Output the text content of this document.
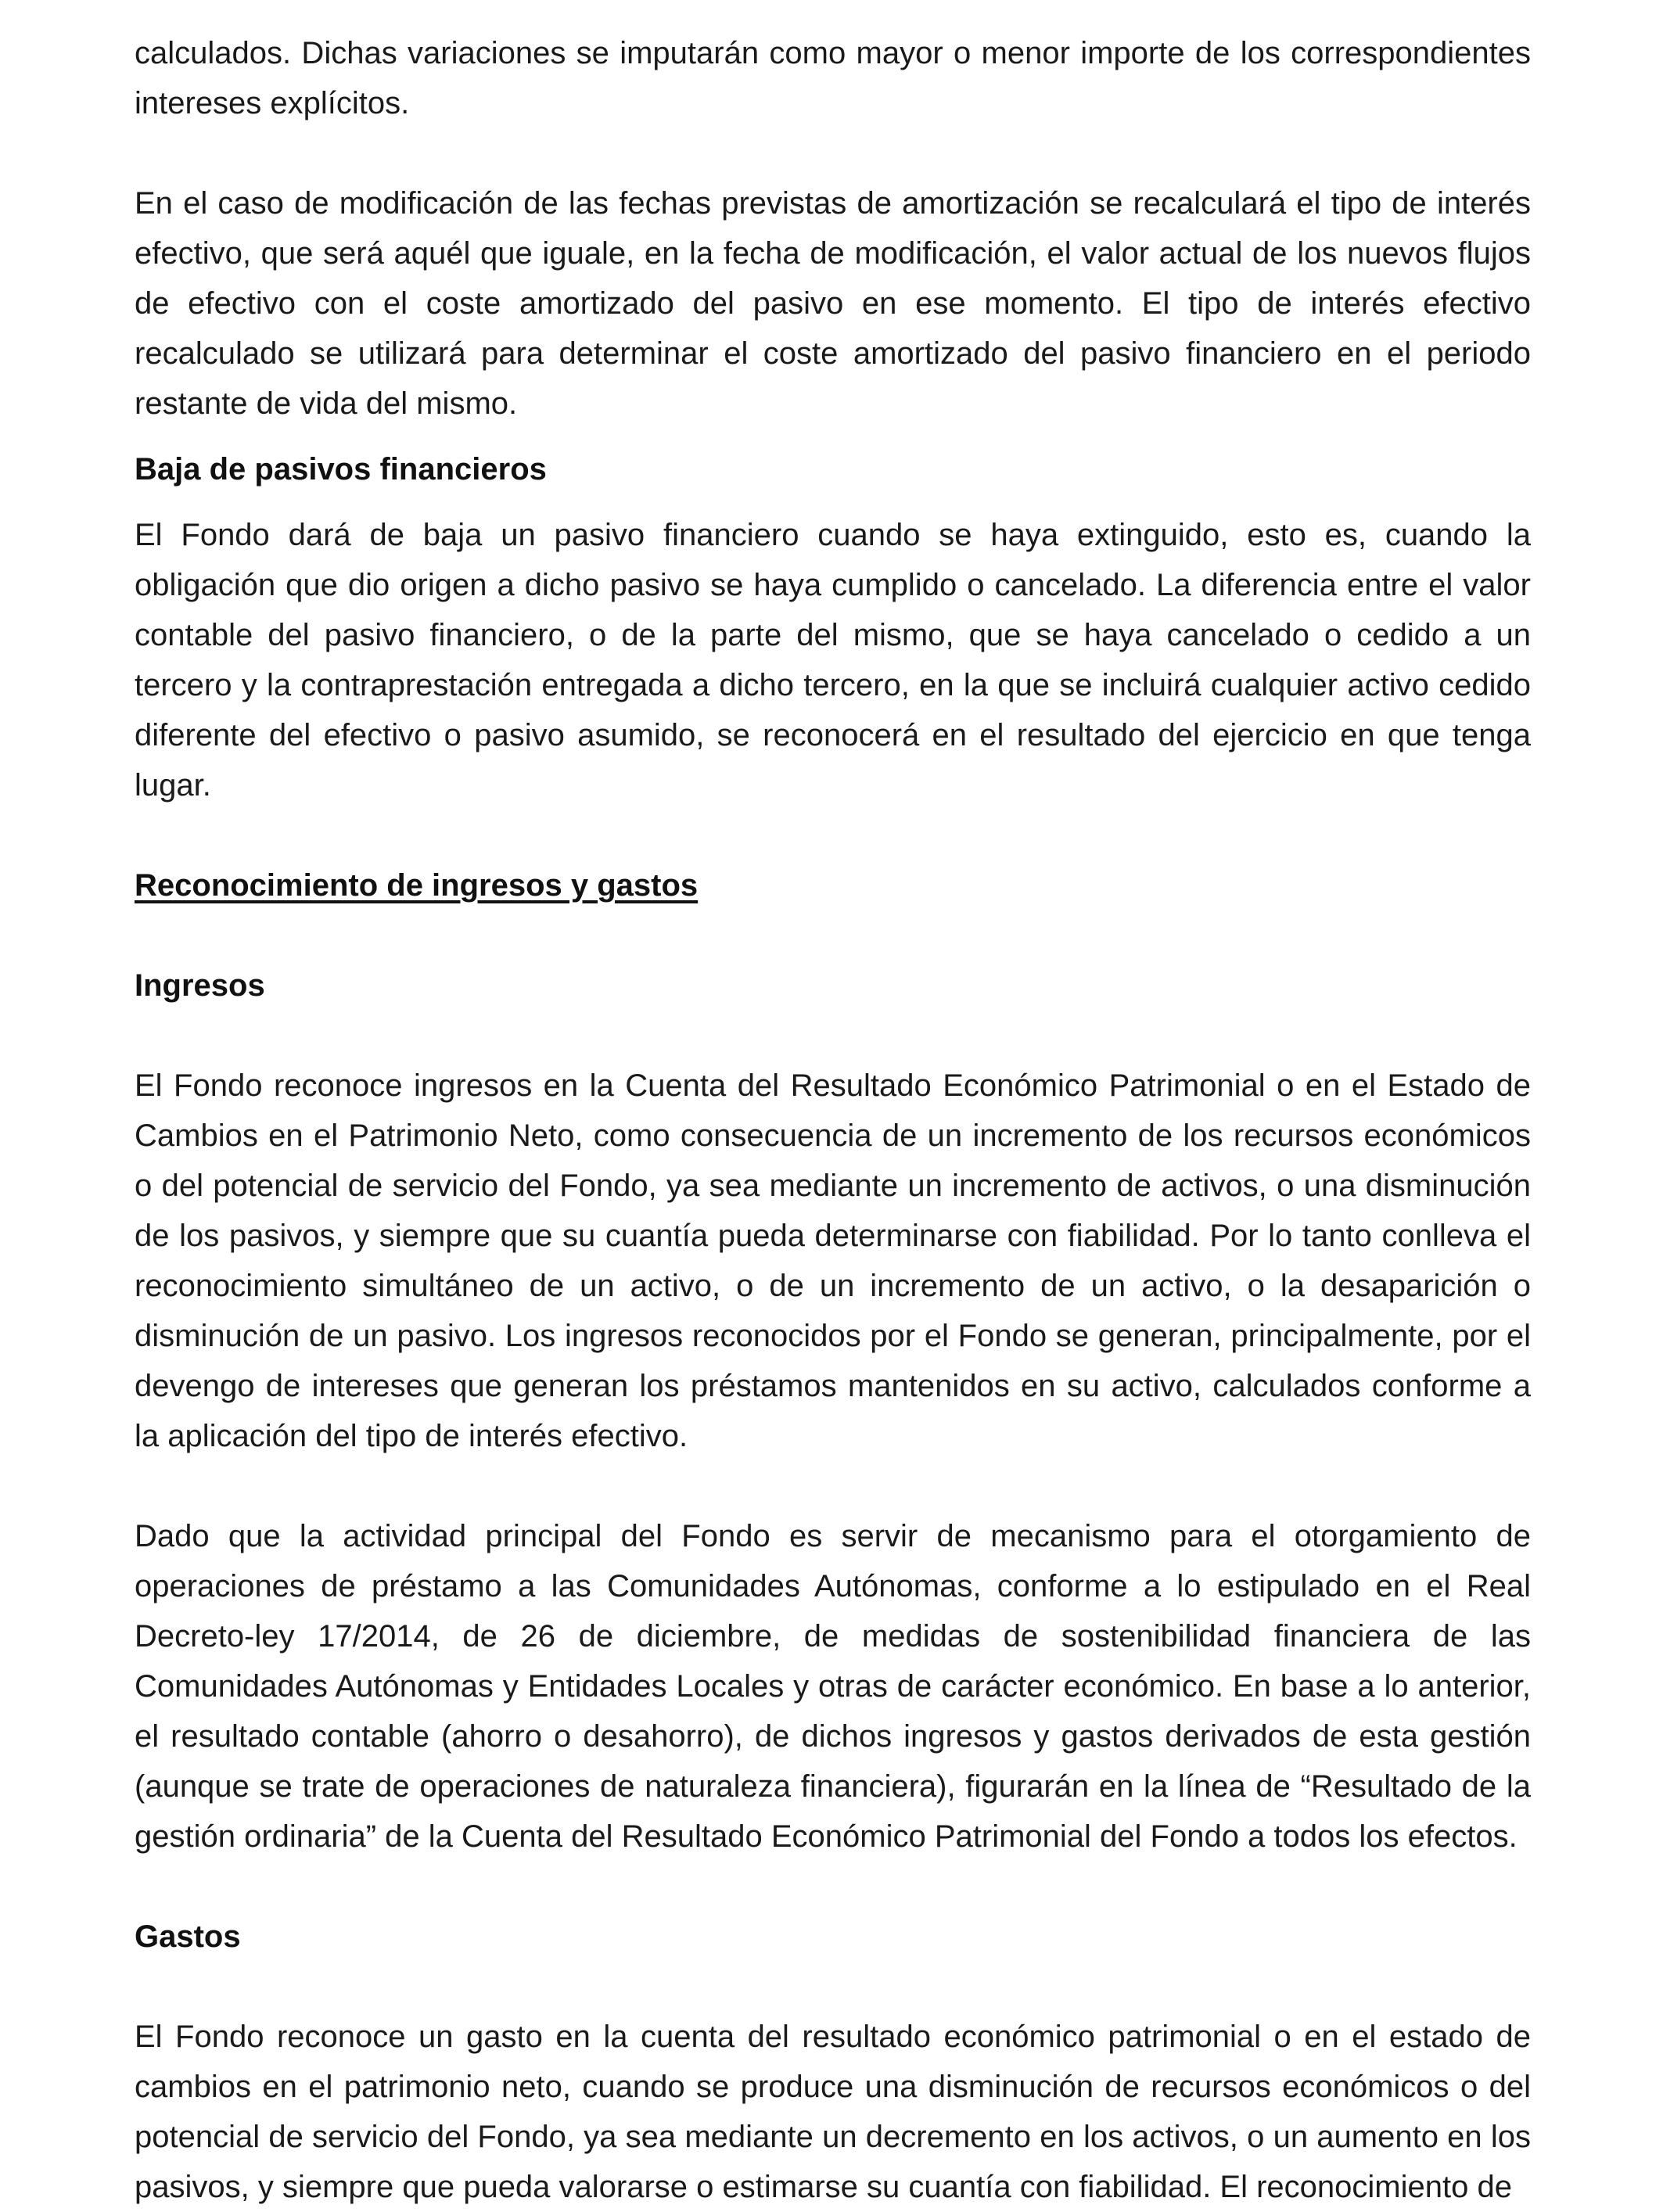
calculados. Dichas variaciones se imputarán como mayor o menor importe de los correspondientes intereses explícitos.

En el caso de modificación de las fechas previstas de amortización se recalculará el tipo de interés efectivo, que será aquél que iguale, en la fecha de modificación, el valor actual de los nuevos flujos de efectivo con el coste amortizado del pasivo en ese momento. El tipo de interés efectivo recalculado se utilizará para determinar el coste amortizado del pasivo financiero en el periodo restante de vida del mismo.

Baja de pasivos financieros

El Fondo dará de baja un pasivo financiero cuando se haya extinguido, esto es, cuando la obligación que dio origen a dicho pasivo se haya cumplido o cancelado. La diferencia entre el valor contable del pasivo financiero, o de la parte del mismo, que se haya cancelado o cedido a un tercero y la contraprestación entregada a dicho tercero, en la que se incluirá cualquier activo cedido diferente del efectivo o pasivo asumido, se reconocerá en el resultado del ejercicio en que tenga lugar.

Reconocimiento de ingresos y gastos
Ingresos

El Fondo reconoce ingresos en la Cuenta del Resultado Económico Patrimonial o en el Estado de Cambios en el Patrimonio Neto, como consecuencia de un incremento de los recursos económicos o del potencial de servicio del Fondo, ya sea mediante un incremento de activos, o una disminución de los pasivos, y siempre que su cuantía pueda determinarse con fiabilidad. Por lo tanto conlleva el reconocimiento simultáneo de un activo, o de un incremento de un activo, o la desaparición o disminución de un pasivo. Los ingresos reconocidos por el Fondo se generan, principalmente, por el devengo de intereses que generan los préstamos mantenidos en su activo, calculados conforme a la aplicación del tipo de interés efectivo.

Dado que la actividad principal del Fondo es servir de mecanismo para el otorgamiento de operaciones de préstamo a las Comunidades Autónomas, conforme a lo estipulado en el Real Decreto-ley 17/2014, de 26 de diciembre, de medidas de sostenibilidad financiera de las Comunidades Autónomas y Entidades Locales y otras de carácter económico. En base a lo anterior, el resultado contable (ahorro o desahorro), de dichos ingresos y gastos derivados de esta gestión (aunque se trate de operaciones de naturaleza financiera), figurarán en la línea de “Resultado de la gestión ordinaria” de la Cuenta del Resultado Económico Patrimonial del Fondo a todos los efectos.

Gastos

El Fondo reconoce un gasto en la cuenta del resultado económico patrimonial o en el estado de cambios en el patrimonio neto, cuando se produce una disminución de recursos económicos o del potencial de servicio del Fondo, ya sea mediante un decremento en los activos, o un aumento en los pasivos, y siempre que pueda valorarse o estimarse su cuantía con fiabilidad. El reconocimiento de
